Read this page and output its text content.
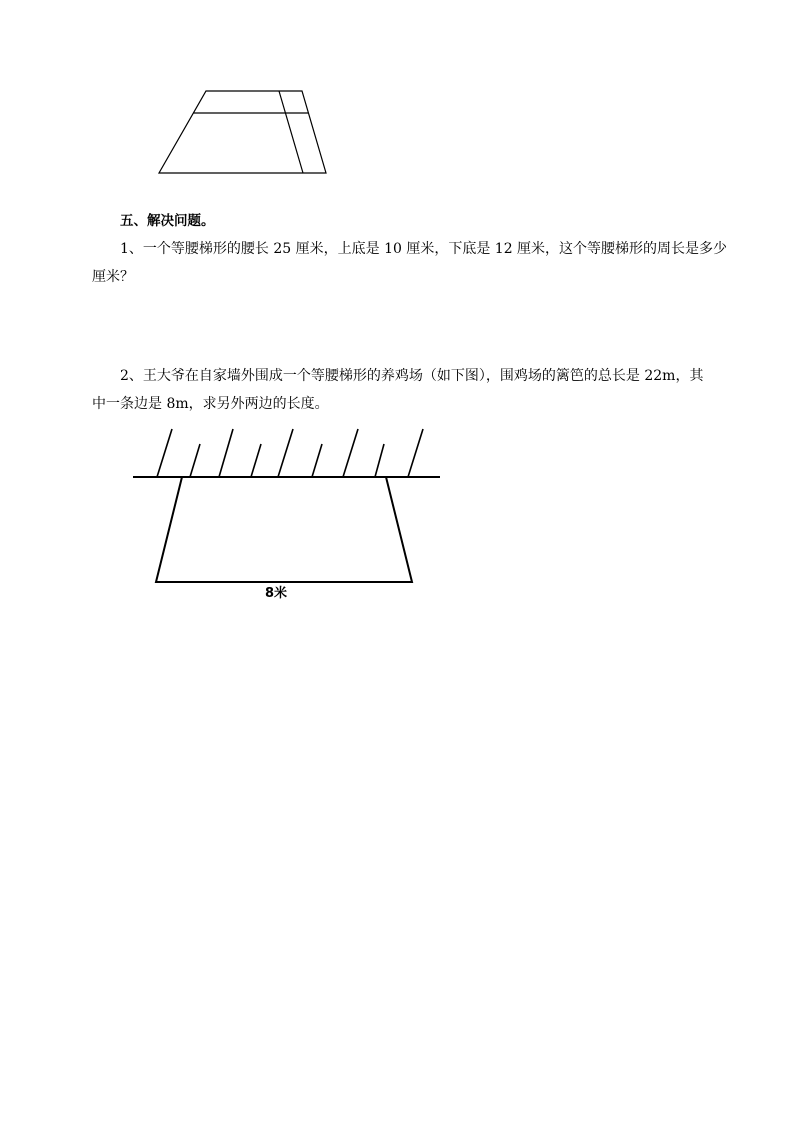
五、解决问题。
1、一个等腰梯形的腰长 25 厘米，上底是 10 厘米，下底是 12 厘米，这个等腰梯形的周长是多少
厘米？
2、王大爷在自家墙外围成一个等腰梯形的养鸡场（如下图），围鸡场的篱笆的总长是 22m，其
中一条边是 8m，求另外两边的长度。
8米
